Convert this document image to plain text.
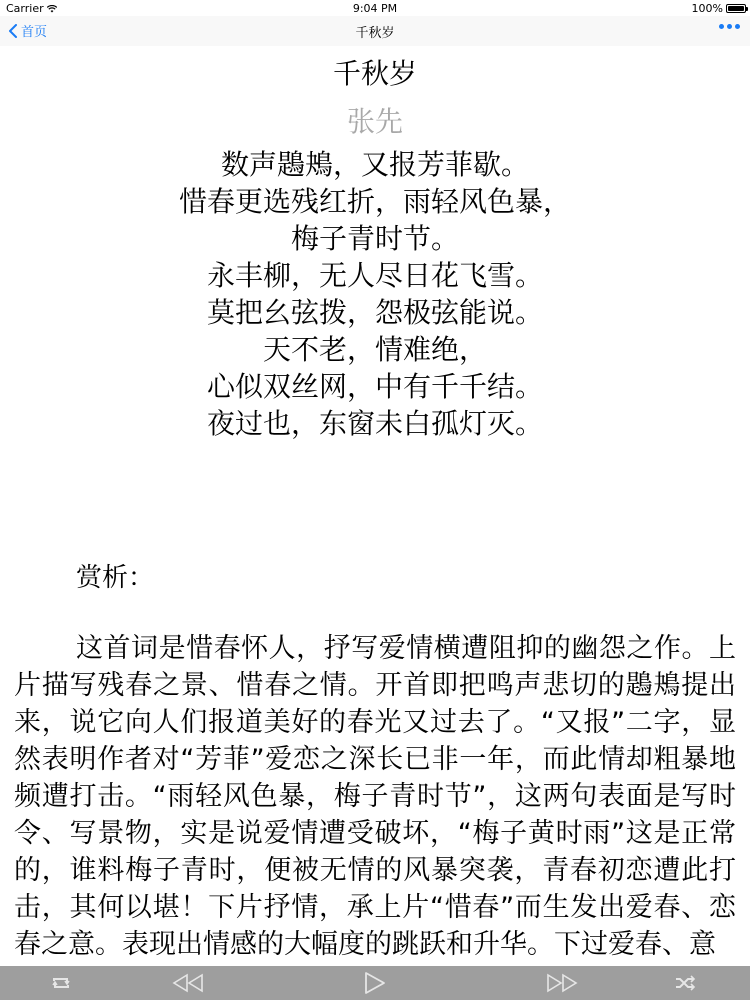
Carrier	9:04 PM	100%
首页	千秋岁
千秋岁
张先
数声鶗鴂，又报芳菲歇。
惜春更选残红折，雨轻风色暴，
梅子青时节。
永丰柳，无人尽日花飞雪。
莫把幺弦拨，怨极弦能说。
天不老，情难绝，
心似双丝网，中有千千结。
夜过也，东窗未白孤灯灭。
赏析：
这首词是惜春怀人，抒写爱情横遭阻抑的幽怨之作。上片描写残春之景、惜春之情。开首即把鸣声悲切的鶗鴂提出来，说它向人们报道美好的春光又过去了。“又报”二字，显然表明作者对“芳菲”爱恋之深长已非一年，而此情却粗暴地频遭打击。“雨轻风色暴，梅子青时节”，这两句表面是写时令、写景物，实是说爱情遭受破坏，“梅子黄时雨”这是正常的，谁料梅子青时，便被无情的风暴突袭，青春初恋遭此打击，其何以堪！下片抒情，承上片“惜春”而生发出爱春、恋春之意。表现出情感的大幅度的跳跃和升华。下过爱春、意
